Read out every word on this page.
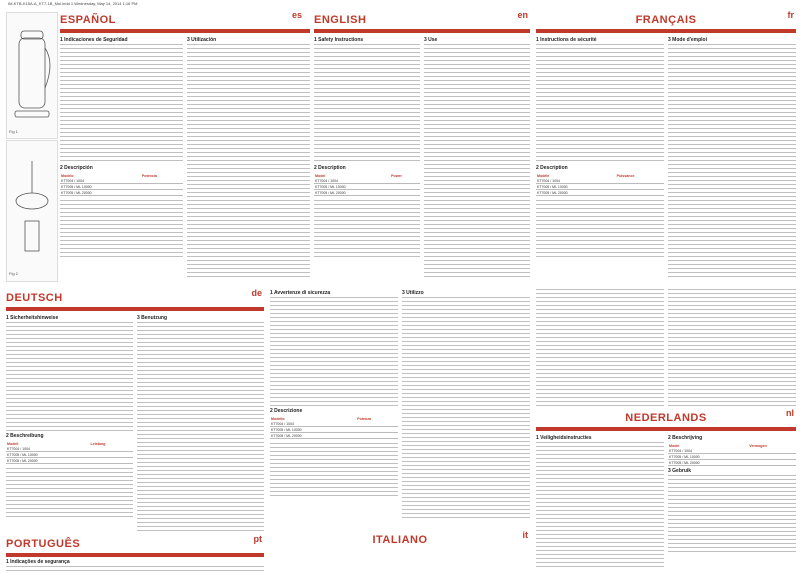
IM-KTB-K15A-A_KT7-1B_Mul.indd 1 Wednesday, May 14, 2014 1:16 PM
Fig 1
Fig 2
ESPAÑOL	es
1 Indicaciones de Seguridad
2 Descripción
Modelo	Potencia
KT7004 / 1004	
KT7005 / ML 10000	
KT7005 / ML 20000	
3 Utilización
ENGLISH	en
1 Safety Instructions
2 Description
Model	Power
KT7004 / 1004	
KT7005 / ML 10000	
KT7005 / ML 20000	
3 Use
FRANÇAIS	fr
1 Instructions de sécurité
2 Description
Modèle	Puissance
KT7004 / 1004	
KT7005 / ML 10000	
KT7005 / ML 20000	
3 Mode d'emploi
DEUTSCH	de
1 Sicherheitshinweise
2 Beschreibung
Modell	Leistung
KT7004 / 1004	
KT7005 / ML 10000	
KT7005 / ML 20000	
3 Benutzung
1 Avvertenze di sicurezza
2 Descrizione
Modello	Potenza
KT7004 / 1004	
KT7005 / ML 10000	
KT7005 / ML 20000	
3 Utilizzo
ITALIANO	it
NEDERLANDS	nl
1 Veiligheidsinstructies	2 Beschrijving
Model	Vermogen
KT7004 / 1004	
KT7005 / ML 10000	
KT7005 / ML 20000	
3 Gebruik
PORTUGUÊS	pt
1 Indicações de segurança
